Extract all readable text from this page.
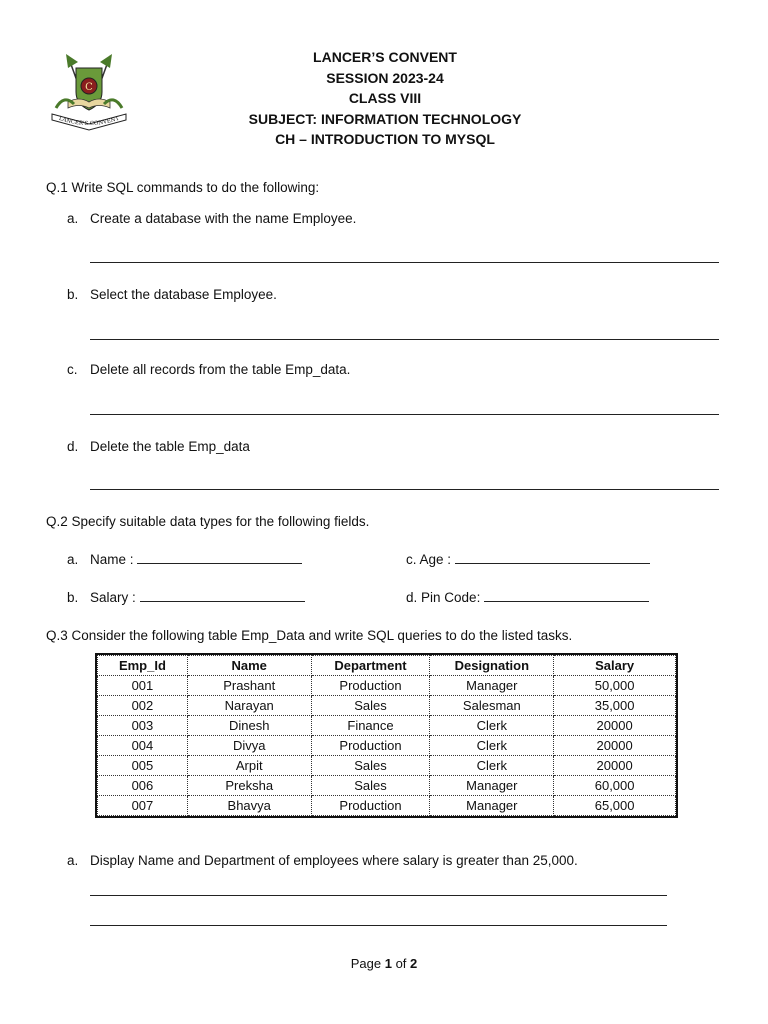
C
LANCER'S CONVENT
LANCER’S CONVENT
SESSION 2023-24
CLASS VIII
SUBJECT: INFORMATION TECHNOLOGY
CH – INTRODUCTION TO MYSQL
Q.1 Write SQL commands to do the following:
a. Create a database with the name Employee.
b. Select the database Employee.
c. Delete all records from the table Emp_data.
d. Delete the table Emp_data
Q.2 Specify suitable data types for the following fields.
a. Name :	c. Age :
b. Salary :	d. Pin Code:
Q.3 Consider the following table Emp_Data and write SQL queries to do the listed tasks.
Emp_Id	Name	Department	Designation	Salary
001	Prashant	Production	Manager	50,000
002	Narayan	Sales	Salesman	35,000
003	Dinesh	Finance	Clerk	20000
004	Divya	Production	Clerk	20000
005	Arpit	Sales	Clerk	20000
006	Preksha	Sales	Manager	60,000
007	Bhavya	Production	Manager	65,000
a. Display Name and Department of employees where salary is greater than 25,000.
Page 1 of 2
